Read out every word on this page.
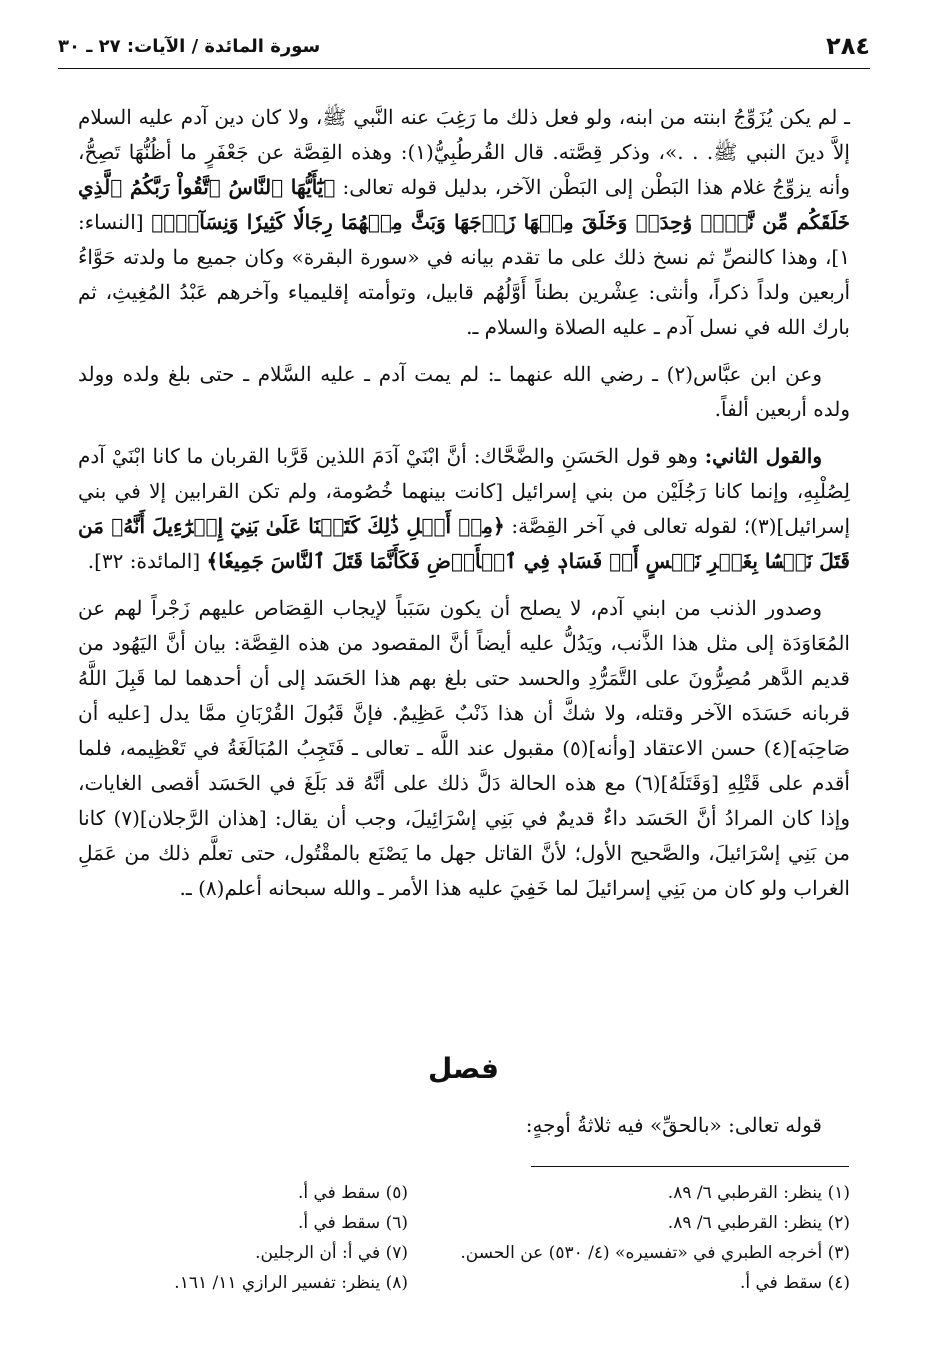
٢٨٤
سورة المائدة / الآيات: ٢٧ ـ ٣٠

ـ لم يكن يُزَوِّجُ ابنته من ابنه، ولو فعل ذلك ما رَغِبَ عنه النَّبي ﷺ، ولا كان دين آدم عليه السلام إلاَّ دينَ النبي ﷺ. . .»، وذكر قِصَّته. قال القُرطُبِيُّ(١): وهذه القِصَّة عن جَعْفَرٍ ما أظُنُّهَا تَصِحُّ، وأنه يزوِّجُ غلام هذا البَطْن إلى البَطْن الآخر، بدليل قوله تعالى: ﴿يَٰٓأَيُّهَا ٱلنَّاسُ ٱتَّقُواْ رَبَّكُمُ ٱلَّذِي خَلَقَكُم مِّن نَّفۡسٖ وَٰحِدَةٖ وَخَلَقَ مِنۡهَا زَوۡجَهَا وَبَثَّ مِنۡهُمَا رِجَالٗا كَثِيرٗا وَنِسَآءٗۚ﴾ [النساء: ١]، وهذا كالنصِّ ثم نسخ ذلك على ما تقدم بيانه في «سورة البقرة» وكان جميع ما ولدته حَوَّاءُ أربعين ولداً ذكراً، وأنثى: عِشْرين بطناً أَوَّلُهُم قابيل، وتوأمته إقليمياء وآخرهم عَبْدُ المُغِيثِ، ثم بارك الله في نسل آدم ـ عليه الصلاة والسلام ـ.

وعن ابن عبَّاس(٢) ـ رضي الله عنهما ـ: لم يمت آدم ـ عليه السَّلام ـ حتى بلغ ولده وولد ولده أربعين ألفاً.

والقول الثاني: وهو قول الحَسَنِ والضَّحَّاك: أنَّ ابْنَيْ آدَمَ اللذين قَرَّبا القربان ما كانا ابْنَيْ آدم لِصُلْبِهِ، وإنما كانا رَجُلَيْن من بني إسرائيل [كانت بينهما خُصُومة، ولم تكن القرابين إلا في بني إسرائيل](٣)؛ لقوله تعالى في آخر القِصَّة: ﴿مِنۡ أَجۡلِ ذَٰلِكَ كَتَبۡنَا عَلَىٰ بَنِيٓ إِسۡرَٰٓءِيلَ أَنَّهُۥ مَن قَتَلَ نَفۡسَۢا بِغَيۡرِ نَفۡسٍ أَوۡ فَسَادٖ فِي ٱلۡأَرۡضِ فَكَأَنَّمَا قَتَلَ ٱلنَّاسَ جَمِيعٗا﴾ [المائدة: ٣٢].

وصدور الذنب من ابني آدم، لا يصلح أن يكون سَبَباً لإيجاب القِصَاص عليهم زَجْراً لهم عن المُعَاوَدَة إلى مثل هذا الذَّنب، ويَدُلُّ عليه أيضاً أنَّ المقصود من هذه القِصَّة: بيان أنَّ اليَهُود من قديم الدَّهر مُصِرُّونَ على التَّمَرُّدِ والحسد حتى بلغ بهم هذا الحَسَد إلى أن أحدهما لما قَبِلَ اللَّهُ قربانه حَسَدَه الآخر وقتله، ولا شكَّ أن هذا ذَنْبٌ عَظِيمٌ. فإنَّ قَبُولَ القُرْبَانِ ممَّا يدل [عليه أن صَاحِبَه](٤) حسن الاعتقاد [وأنه](٥) مقبول عند اللَّه ـ تعالى ـ فَتَجِبُ المُبَالَغَةُ في تَعْظِيمه، فلما أقدم على قَتْلِهِ [وَقَتَلَهُ](٦) مع هذه الحالة دَلَّ ذلك على أنَّهُ قد بَلَغَ في الحَسَد أقصى الغايات، وإذا كان المرادُ أنَّ الحَسَد داءٌ قديمٌ في بَنِي إسْرَائِيلَ، وجب أن يقال: [هذان الرَّجلان](٧) كانا من بَنِي إسْرَائيلَ، والصَّحيح الأول؛ لأنَّ القاتل جهل ما يَصْنَع بالمقْتُول، حتى تعلَّم ذلك من عَمَلِ الغراب ولو كان من بَنِي إسرائيلَ لما خَفِيَ عليه هذا الأمر ـ والله سبحانه أعلم(٨) ـ.

فصل
قوله تعالى: «بالحقِّ» فيه ثلاثةُ أوجهٍ:
(١) ينظر: القرطبي ٦/ ٨٩.
(٢) ينظر: القرطبي ٦/ ٨٩.
(٣) أخرجه الطبري في «تفسيره» (٤/ ٥٣٠) عن الحسن.
(٤) سقط في أ.
(٥) سقط في أ.
(٦) سقط في أ.
(٧) في أ: أن الرجلين.
(٨) ينظر: تفسير الرازي ١١/ ١٦١.
